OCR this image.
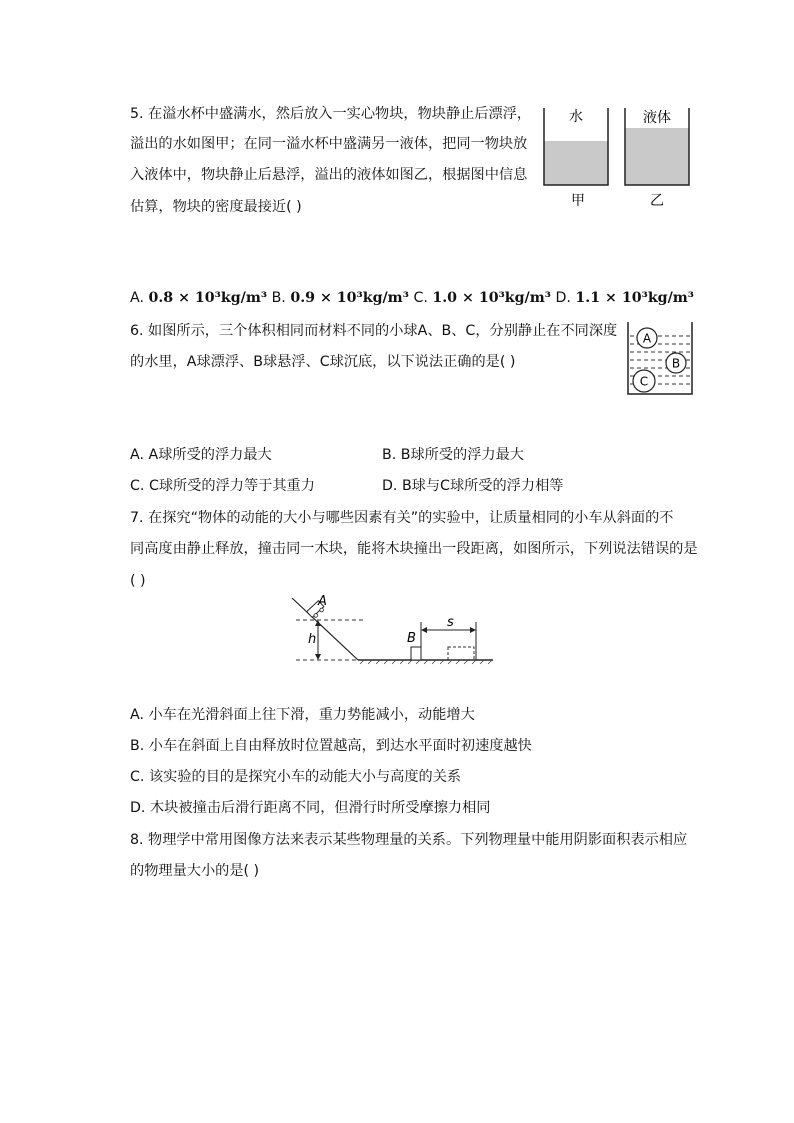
5. 在溢水杯中盛满水，然后放入一实心物块，物块静止后漂浮，
溢出的水如图甲；在同一溢水杯中盛满另一液体，把同一物块放
入液体中，物块静止后悬浮，溢出的液体如图乙，根据图中信息
估算，物块的密度最接近( )
水
甲
液体
乙
A. 0.8 × 10³kg/m³ B. 0.9 × 10³kg/m³ C. 1.0 × 10³kg/m³ D. 1.1 × 10³kg/m³
6. 如图所示，三个体积相同而材料不同的小球A、B、C，分别静止在不同深度
的水里，A球漂浮、B球悬浮、C球沉底，以下说法正确的是( )
A
B
C
A. A球所受的浮力最大	B. B球所受的浮力最大
C. C球所受的浮力等于其重力	D. B球与C球所受的浮力相等
7. 在探究“物体的动能的大小与哪些因素有关”的实验中，让质量相同的小车从斜面的不
同高度由静止释放，撞击同一木块，能将木块撞出一段距离，如图所示，下列说法错误的是
( )
h
A
B
s
A. 小车在光滑斜面上往下滑，重力势能减小，动能增大
B. 小车在斜面上自由释放时位置越高，到达水平面时初速度越快
C. 该实验的目的是探究小车的动能大小与高度的关系
D. 木块被撞击后滑行距离不同，但滑行时所受摩擦力相同
8. 物理学中常用图像方法来表示某些物理量的关系。下列物理量中能用阴影面积表示相应
的物理量大小的是( )
